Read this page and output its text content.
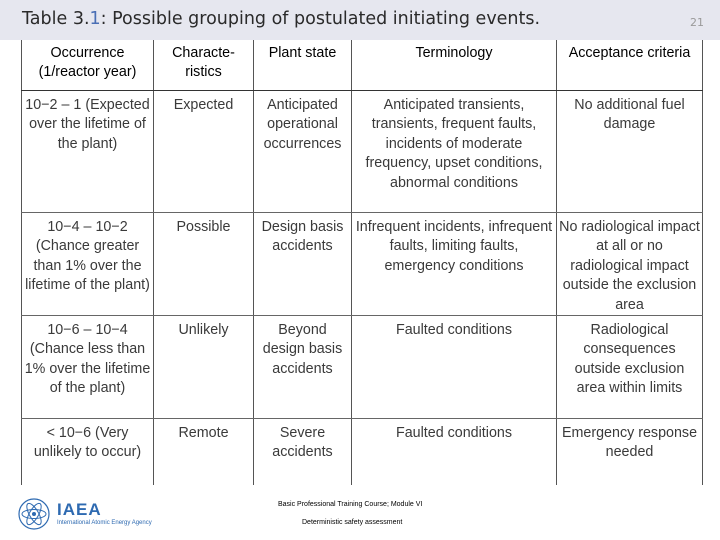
Table 3.1: Possible grouping of postulated initiating events.	21
Occurrence (1/reactor year)	Characte-ristics	Plant state	Terminology	Acceptance criteria
10−2 – 1 (Expected over the lifetime of the plant)	Expected	Anticipated operational occurrences	Anticipated transients, transients, frequent faults, incidents of moderate frequency, upset conditions, abnormal conditions	No additional fuel damage
10−4 – 10−2 (Chance greater than 1% over the lifetime of the plant)	Possible	Design basis accidents	Infrequent incidents, infrequent faults, limiting faults, emergency conditions	No radiological impact at all or no radiological impact outside the exclusion area
10−6 – 10−4 (Chance less than 1% over the lifetime of the plant)	Unlikely	Beyond design basis accidents	Faulted conditions	Radiological consequences outside exclusion area within limits
< 10−6 (Very unlikely to occur)	Remote	Severe accidents	Faulted conditions	Emergency response needed
IAEA
International Atomic Energy Agency
Basic Professional Training Course; Module VI
Deterministic safety assessment
